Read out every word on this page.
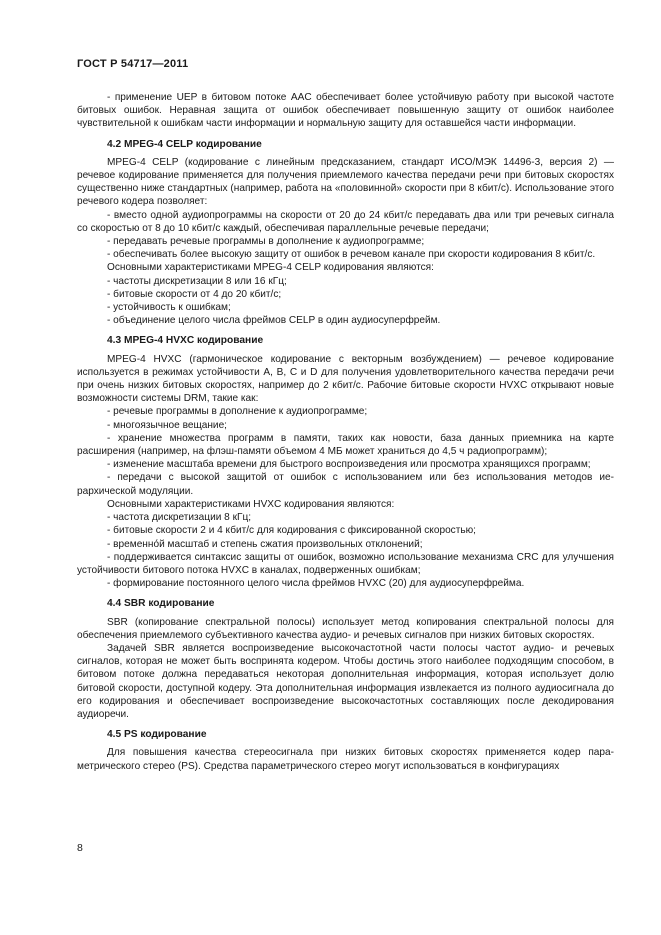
ГОСТ Р 54717—2011

- применение UEP в битовом потоке AAC обеспечивает более устойчивую работу при высокой частоте битовых ошибок. Неравная защита от ошибок обеспечивает повышенную защиту от ошибок наиболее чувствительной к ошибкам части информации и нормальную защиту для оставшейся части информации.

4.2 MPEG-4 CELP кодирование

MPEG-4 CELP (кодирование с линейным предсказанием, стандарт ИСО/МЭК 14496-3, версия 2) — речевое кодирование применяется для получения приемлемого качества передачи речи при битовых скоростях существенно ниже стандартных (например, работа на «половинной» скорости при 8 кбит/с). Использование этого речевого кодера позволяет:

- вместо одной аудиопрограммы на скорости от 20 до 24 кбит/с передавать два или три речевых сигнала со скоростью от 8 до 10 кбит/с каждый, обеспечивая параллельные речевые передачи;

- передавать речевые программы в дополнение к аудиопрограмме;

- обеспечивать более высокую защиту от ошибок в речевом канале при скорости кодирования 8 кбит/с.

Основными характеристиками MPEG-4 CELP кодирования являются:

- частоты дискретизации 8 или 16 кГц;

- битовые скорости от 4 до 20 кбит/с;

- устойчивость к ошибкам;

- объединение целого числа фреймов CELP в один аудиосуперфрейм.

4.3 MPEG-4 HVXC кодирование

MPEG-4 HVXC (гармоническое кодирование с векторным возбуждением) — речевое кодирование используется в режимах устойчивости A, B, C и D для получения удовлетворительного качества передачи речи при очень низких битовых скоростях, например до 2 кбит/с. Рабочие битовые скорости HVXC открывают новые возможности системы DRM, такие как:

- речевые программы в дополнение к аудиопрограмме;

- многоязычное вещание;

- хранение множества программ в памяти, таких как новости, база данных приемника на карте расширения (например, на флэш-памяти объемом 4 МБ может храниться до 4,5 ч радиопрограмм);

- изменение масштаба времени для быстрого воспроизведения или просмотра хранящихся программ;

- передачи с высокой защитой от ошибок с использованием или без использования методов иерархической модуляции.

Основными характеристиками HVXC кодирования являются:

- частота дискретизации 8 кГц;

- битовые скорости 2 и 4 кбит/с для кодирования с фиксированной скоростью;

- временно́й масштаб и степень сжатия произвольных отклонений;

- поддерживается синтаксис защиты от ошибок, возможно использование механизма CRC для улучшения устойчивости битового потока HVXC в каналах, подверженных ошибкам;

- формирование постоянного целого числа фреймов HVXC (20) для аудиосуперфрейма.

4.4 SBR кодирование

SBR (копирование спектральной полосы) использует метод копирования спектральной полосы для обеспечения приемлемого субъективного качества аудио- и речевых сигналов при низких битовых скоростях.

Задачей SBR является воспроизведение высокочастотной части полосы частот аудио- и речевых сигналов, которая не может быть воспринята кодером. Чтобы достичь этого наиболее подходящим способом, в битовом потоке должна передаваться некоторая дополнительная информация, которая использует долю битовой скорости, доступной кодеру. Эта дополнительная информация извлекается из полного аудиосигнала до его кодирования и обеспечивает воспроизведение высокочастотных составляющих после декодирования аудиоречи.

4.5 PS кодирование

Для повышения качества стереосигнала при низких битовых скоростях применяется кодер параметрического стерео (PS). Средства параметрического стерео могут использоваться в конфигурациях

8
